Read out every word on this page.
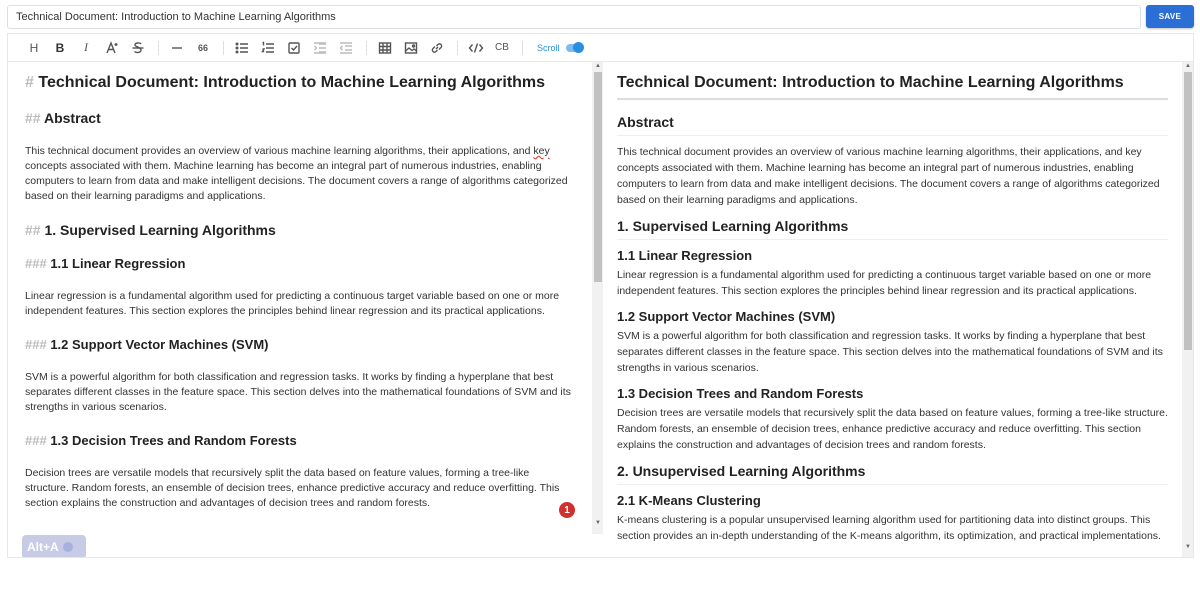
Technical Document: Introduction to Machine Learning Algorithms
SAVE
H B I	66	CB	Scroll
# Technical Document: Introduction to Machine Learning Algorithms
## Abstract

This technical document provides an overview of various machine learning algorithms, their applications, and key concepts associated with them. Machine learning has become an integral part of numerous industries, enabling computers to learn from data and make intelligent decisions. The document covers a range of algorithms categorized based on their learning paradigms and applications.

## 1. Supervised Learning Algorithms
### 1.1 Linear Regression

Linear regression is a fundamental algorithm used for predicting a continuous target variable based on one or more independent features. This section explores the principles behind linear regression and its practical applications.

### 1.2 Support Vector Machines (SVM)

SVM is a powerful algorithm for both classification and regression tasks. It works by finding a hyperplane that best separates different classes in the feature space. This section delves into the mathematical foundations of SVM and its strengths in various scenarios.

### 1.3 Decision Trees and Random Forests

Decision trees are versatile models that recursively split the data based on feature values, forming a tree-like structure. Random forests, an ensemble of decision trees, enhance predictive accuracy and reduce overfitting. This section explains the construction and advantages of decision trees and random forests.

▲
▼
1
Alt+A
Technical Document: Introduction to Machine Learning Algorithms
Abstract

This technical document provides an overview of various machine learning algorithms, their applications, and key concepts associated with them. Machine learning has become an integral part of numerous industries, enabling computers to learn from data and make intelligent decisions. The document covers a range of algorithms categorized based on their learning paradigms and applications.

1. Supervised Learning Algorithms
1.1 Linear Regression

Linear regression is a fundamental algorithm used for predicting a continuous target variable based on one or more independent features. This section explores the principles behind linear regression and its practical applications.

1.2 Support Vector Machines (SVM)

SVM is a powerful algorithm for both classification and regression tasks. It works by finding a hyperplane that best separates different classes in the feature space. This section delves into the mathematical foundations of SVM and its strengths in various scenarios.

1.3 Decision Trees and Random Forests

Decision trees are versatile models that recursively split the data based on feature values, forming a tree-like structure. Random forests, an ensemble of decision trees, enhance predictive accuracy and reduce overfitting. This section explains the construction and advantages of decision trees and random forests.

2. Unsupervised Learning Algorithms
2.1 K-Means Clustering

K-means clustering is a popular unsupervised learning algorithm used for partitioning data into distinct groups. This section provides an in-depth understanding of the K-means algorithm, its optimization, and practical implementations.

▲
▼
